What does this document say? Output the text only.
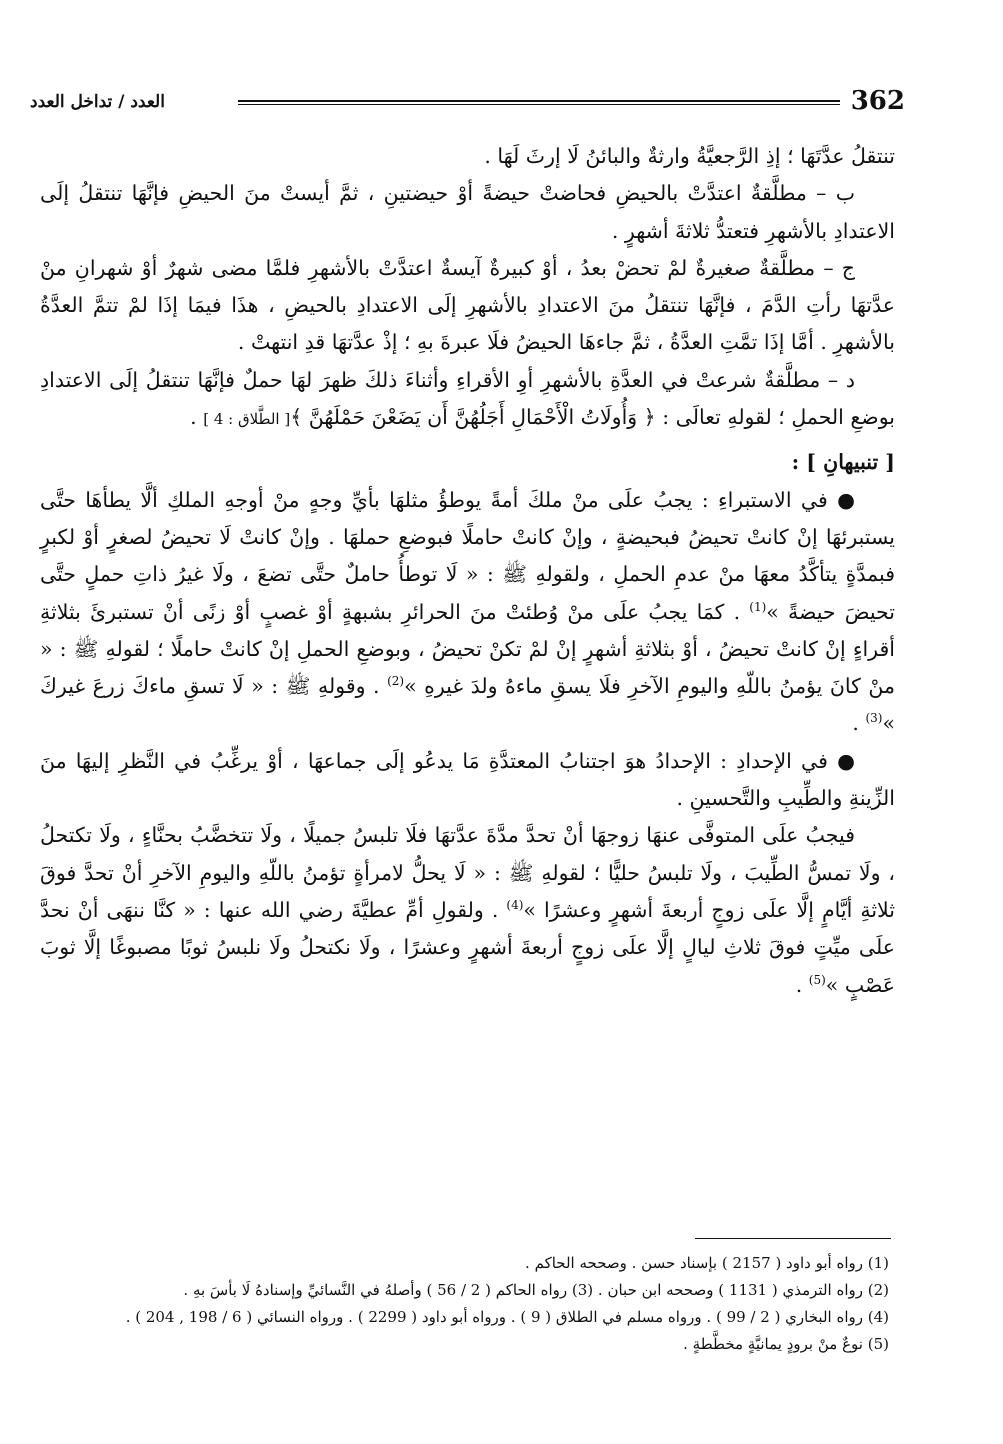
362
العدد / تداخل العدد

تنتقلُ عدَّتَهَا ؛ إذِ الرَّجعيَّةُ وارثةٌ والبائنُ لَا إرثَ لَهَا .

ب – مطلَّقةٌ اعتدَّتْ بالحيضِ فحاضتْ حيضةً أوْ حيضتينِ ، ثمَّ أيستْ منَ الحيضِ فإنَّهَا تنتقلُ إلَى الاعتدادِ بالأشهرِ فتعتدُّ ثلاثةَ أشهرٍ .

ج – مطلَّقةٌ صغيرةٌ لمْ تحضْ بعدُ ، أوْ كبيرةٌ آيسةٌ اعتدَّتْ بالأشهرِ فلمَّا مضى شهرٌ أوْ شهرانِ منْ عدَّتهَا رأتِ الدَّمَ ، فإنَّهَا تنتقلُ منَ الاعتدادِ بالأشهرِ إلَى الاعتدادِ بالحيضِ ، هذَا فيمَا إذَا لمْ تتمَّ العدَّةُ بالأشهرِ . أمَّا إذَا تمَّتِ العدَّةُ ، ثمَّ جاءهَا الحيضُ فلَا عبرةَ بهِ ؛ إذْ عدَّتهَا قدِ انتهتْ .

د – مطلَّقةٌ شرعتْ في العدَّةِ بالأشهرِ أوِ الأقراءِ وأثناءَ ذلكَ ظهرَ لهَا حملٌ فإنَّهَا تنتقلُ إلَى الاعتدادِ بوضعِ الحملِ ؛ لقولهِ تعالَى : ﴿ وَأُولَاتُ الْأَحْمَالِ أَجَلُهُنَّ أَن يَضَعْنَ حَمْلَهُنَّ ﴾[ الطَّلاق : 4 ] .

[ تنبيهانِ ] :

● في الاستبراءِ : يجبُ علَى منْ ملكَ أمةً يوطؤُ مثلهَا بأيِّ وجهٍ منْ أوجهِ الملكِ ألَّا يطأهَا حتَّى يستبرئهَا إنْ كانتْ تحيضُ فبحيضةٍ ، وإنْ كانتْ حاملًا فبوضعِ حملهَا . وإنْ كانتْ لَا تحيضُ لصغرٍ أوْ لكبرٍ فبمدَّةٍ يتأكَّدُ معهَا منْ عدمِ الحملِ ، ولقولهِ ﷺ : « لَا توطأُ حاملٌ حتَّى تضعَ ، ولَا غيرُ ذاتِ حملٍ حتَّى تحيضَ حيضةً »$^{(1)}$ . كمَا يجبُ علَى منْ وُطئتْ منَ الحرائرِ بشبهةٍ أوْ غصبٍ أوْ زنًى أنْ تستبرئَ بثلاثةِ أقراءٍ إنْ كانتْ تحيضُ ، أوْ بثلاثةِ أشهرٍ إنْ لمْ تكنْ تحيضُ ، وبوضعِ الحملِ إنْ كانتْ حاملًا ؛ لقولهِ ﷺ : « منْ كانَ يؤمنُ باللّهِ واليومِ الآخرِ فلَا يسقِ ماءهُ ولدَ غيرهِ »$^{(2)}$ . وقولهِ ﷺ : « لَا تسقِ ماءكَ زرعَ غيركَ »$^{(3)}$ .

● في الإحدادِ : الإحدادُ هوَ اجتنابُ المعتدَّةِ مَا يدعُو إلَى جماعهَا ، أوْ يرغِّبُ في النَّظرِ إليهَا منَ الزِّينةِ والطِّيبِ والتَّحسينِ .

فيجبُ علَى المتوفَّى عنهَا زوجهَا أنْ تحدَّ مدَّةَ عدَّتهَا فلَا تلبسُ جميلًا ، ولَا تتخضَّبُ بحنَّاءٍ ، ولَا تكتحلُ ، ولَا تمسُّ الطِّيبَ ، ولَا تلبسُ حليًّا ؛ لقولهِ ﷺ : « لَا يحلُّ لامرأةٍ تؤمنُ باللّهِ واليومِ الآخرِ أنْ تحدَّ فوقَ ثلاثةِ أيَّامٍ إلَّا علَى زوجٍ أربعةَ أشهرٍ وعشرًا »$^{(4)}$ . ولقولِ أمِّ عطيَّةَ رضي الله عنها : « كنَّا ننهَى أنْ نحدَّ علَى ميِّتٍ فوقَ ثلاثِ ليالٍ إلَّا علَى زوجٍ أربعةَ أشهرٍ وعشرًا ، ولَا نكتحلُ ولَا نلبسُ ثوبًا مصبوغًا إلَّا ثوبَ عَصْبٍ »$^{(5)}$ .

(1) رواه أبو داود ( 2157 ) بإسناد حسن . وصححه الحاكم .

(2) رواه الترمذي ( 1131 ) وصححه ابن حبان . (3) رواه الحاكم ( 2 / 56 ) وأصلهُ في النَّسائيِّ وإسنادهُ لَا بأسَ بهِ .

(4) رواه البخاري ( 2 / 99 ) . ورواه مسلم في الطلاق ( 9 ) . ورواه أبو داود ( 2299 ) . ورواه النسائي ( 6 / 198 , 204 ) .

(5) نوعٌ منْ برودٍ يمانيَّةٍ مخطَّطةٍ .
